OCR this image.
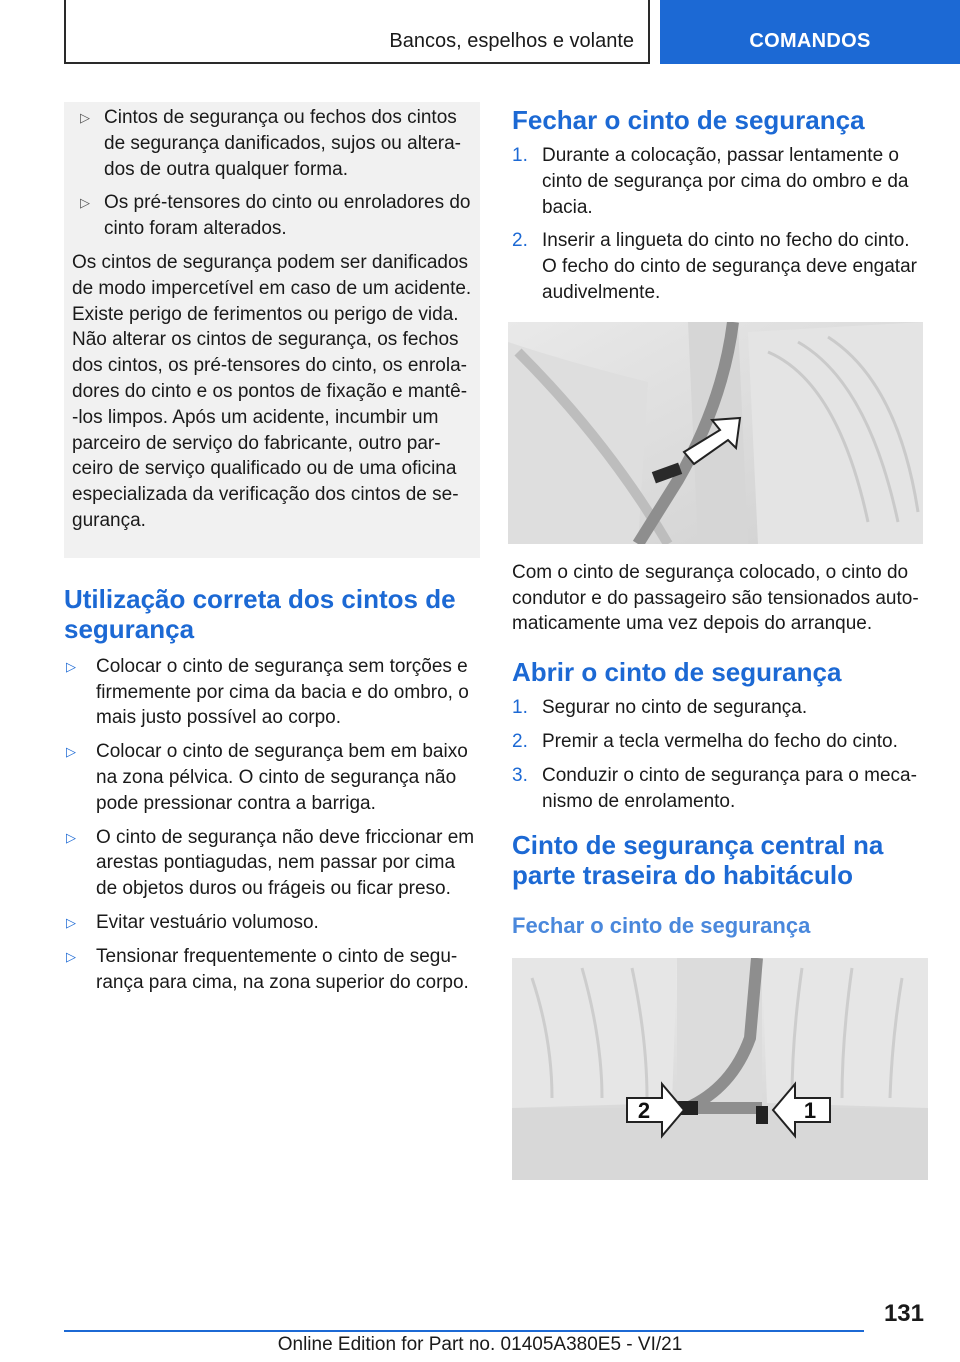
Bancos, espelhos e volante	COMANDOS
▷ Cintos de segurança ou fechos dos cintos de segurança danificados, sujos ou altera-dos de outra qualquer forma.
▷ Os pré-tensores do cinto ou enroladores do cinto foram alterados.

Os cintos de segurança podem ser danificados de modo impercetível em caso de um acidente. Existe perigo de ferimentos ou perigo de vida. Não alterar os cintos de segurança, os fechos dos cintos, os pré-tensores do cinto, os enrola-dores do cinto e os pontos de fixação e mantê--los limpos. Após um acidente, incumbir um parceiro de serviço do fabricante, outro par-ceiro de serviço qualificado ou de uma oficina especializada da verificação dos cintos de se-gurança.

Utilização correta dos cintos de segurança
▷ Colocar o cinto de segurança sem torções e firmemente por cima da bacia e do ombro, o mais justo possível ao corpo.
▷ Colocar o cinto de segurança bem em baixo na zona pélvica. O cinto de segurança não pode pressionar contra a barriga.
▷ O cinto de segurança não deve friccionar em arestas pontiagudas, nem passar por cima de objetos duros ou frágeis ou ficar preso.
▷ Evitar vestuário volumoso.
▷ Tensionar frequentemente o cinto de segu-rança para cima, na zona superior do corpo.
Fechar o cinto de segurança
1. Durante a colocação, passar lentamente o cinto de segurança por cima do ombro e da bacia.
2. Inserir a lingueta do cinto no fecho do cinto. O fecho do cinto de segurança deve engatar audivelmente.

Com o cinto de segurança colocado, o cinto do condutor e do passageiro são tensionados auto-maticamente uma vez depois do arranque.

Abrir o cinto de segurança
1. Segurar no cinto de segurança.
2. Premir a tecla vermelha do fecho do cinto.
3. Conduzir o cinto de segurança para o meca-nismo de enrolamento.
Cinto de segurança central na parte traseira do habitáculo
Fechar o cinto de segurança
2	1
131
Online Edition for Part no. 01405A380E5 - VI/21
